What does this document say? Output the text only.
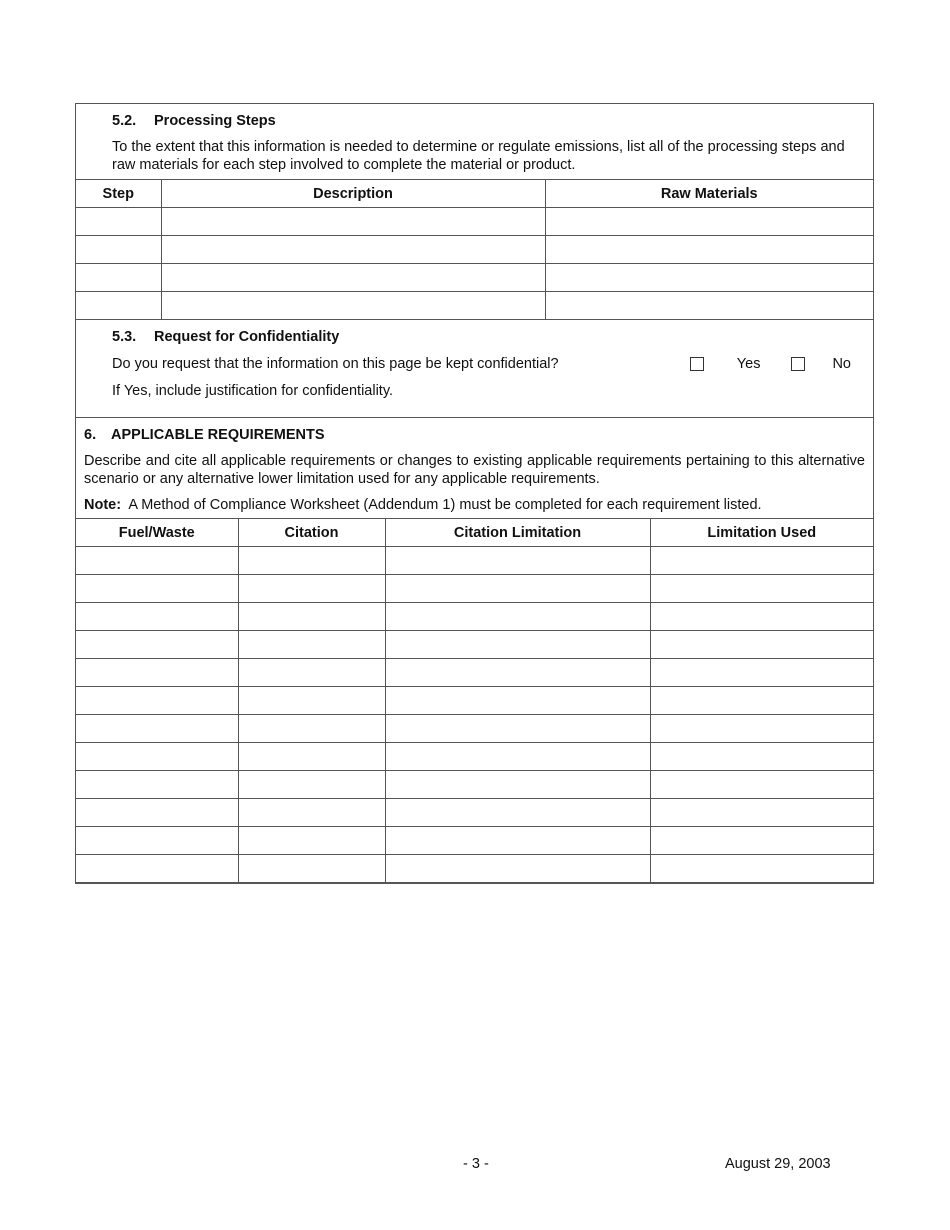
5.2. Processing Steps
To the extent that this information is needed to determine or regulate emissions, list all of the processing steps and raw materials for each step involved to complete the material or product.
Step	Description	Raw Materials

5.3. Request for Confidentiality
Do you request that the information on this page be kept confidential?	Yes	No
If Yes, include justification for confidentiality.
6. APPLICABLE REQUIREMENTS
Describe and cite all applicable requirements or changes to existing applicable requirements pertaining to this alternative scenario or any alternative lower limitation used for any applicable requirements.
Note: A Method of Compliance Worksheet (Addendum 1) must be completed for each requirement listed.
Fuel/Waste	Citation	Citation Limitation	Limitation Used

- 3 -	August 29, 2003
